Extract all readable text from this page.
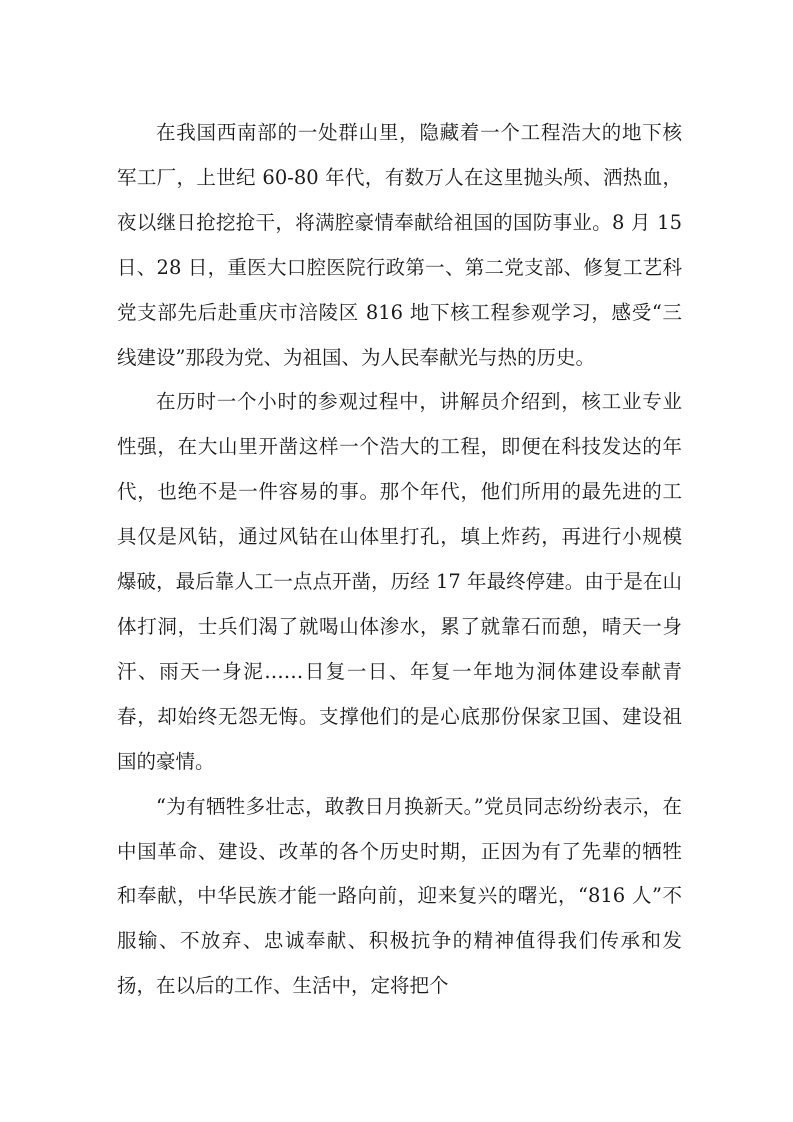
在我国西南部的一处群山里，隐藏着一个工程浩大的地下核军工厂，上世纪 60-80 年代，有数万人在这里抛头颅、洒热血，夜以继日抢挖抢干，将满腔豪情奉献给祖国的国防事业。8 月 15 日、28 日，重医大口腔医院行政第一、第二党支部、修复工艺科党支部先后赴重庆市涪陵区 816 地下核工程参观学习，感受“三线建设”那段为党、为祖国、为人民奉献光与热的历史。

在历时一个小时的参观过程中，讲解员介绍到，核工业专业性强，在大山里开凿这样一个浩大的工程，即便在科技发达的年代，也绝不是一件容易的事。那个年代，他们所用的最先进的工具仅是风钻，通过风钻在山体里打孔，填上炸药，再进行小规模爆破，最后靠人工一点点开凿，历经 17 年最终停建。由于是在山体打洞，士兵们渴了就喝山体渗水，累了就靠石而憩，晴天一身汗、雨天一身泥……日复一日、年复一年地为洞体建设奉献青春，却始终无怨无悔。支撑他们的是心底那份保家卫国、建设祖国的豪情。

“为有牺牲多壮志，敢教日月换新天。”党员同志纷纷表示，在中国革命、建设、改革的各个历史时期，正因为有了先辈的牺牲和奉献，中华民族才能一路向前，迎来复兴的曙光，“816 人”不服输、不放弃、忠诚奉献、积极抗争的精神值得我们传承和发扬，在以后的工作、生活中，定将把个
